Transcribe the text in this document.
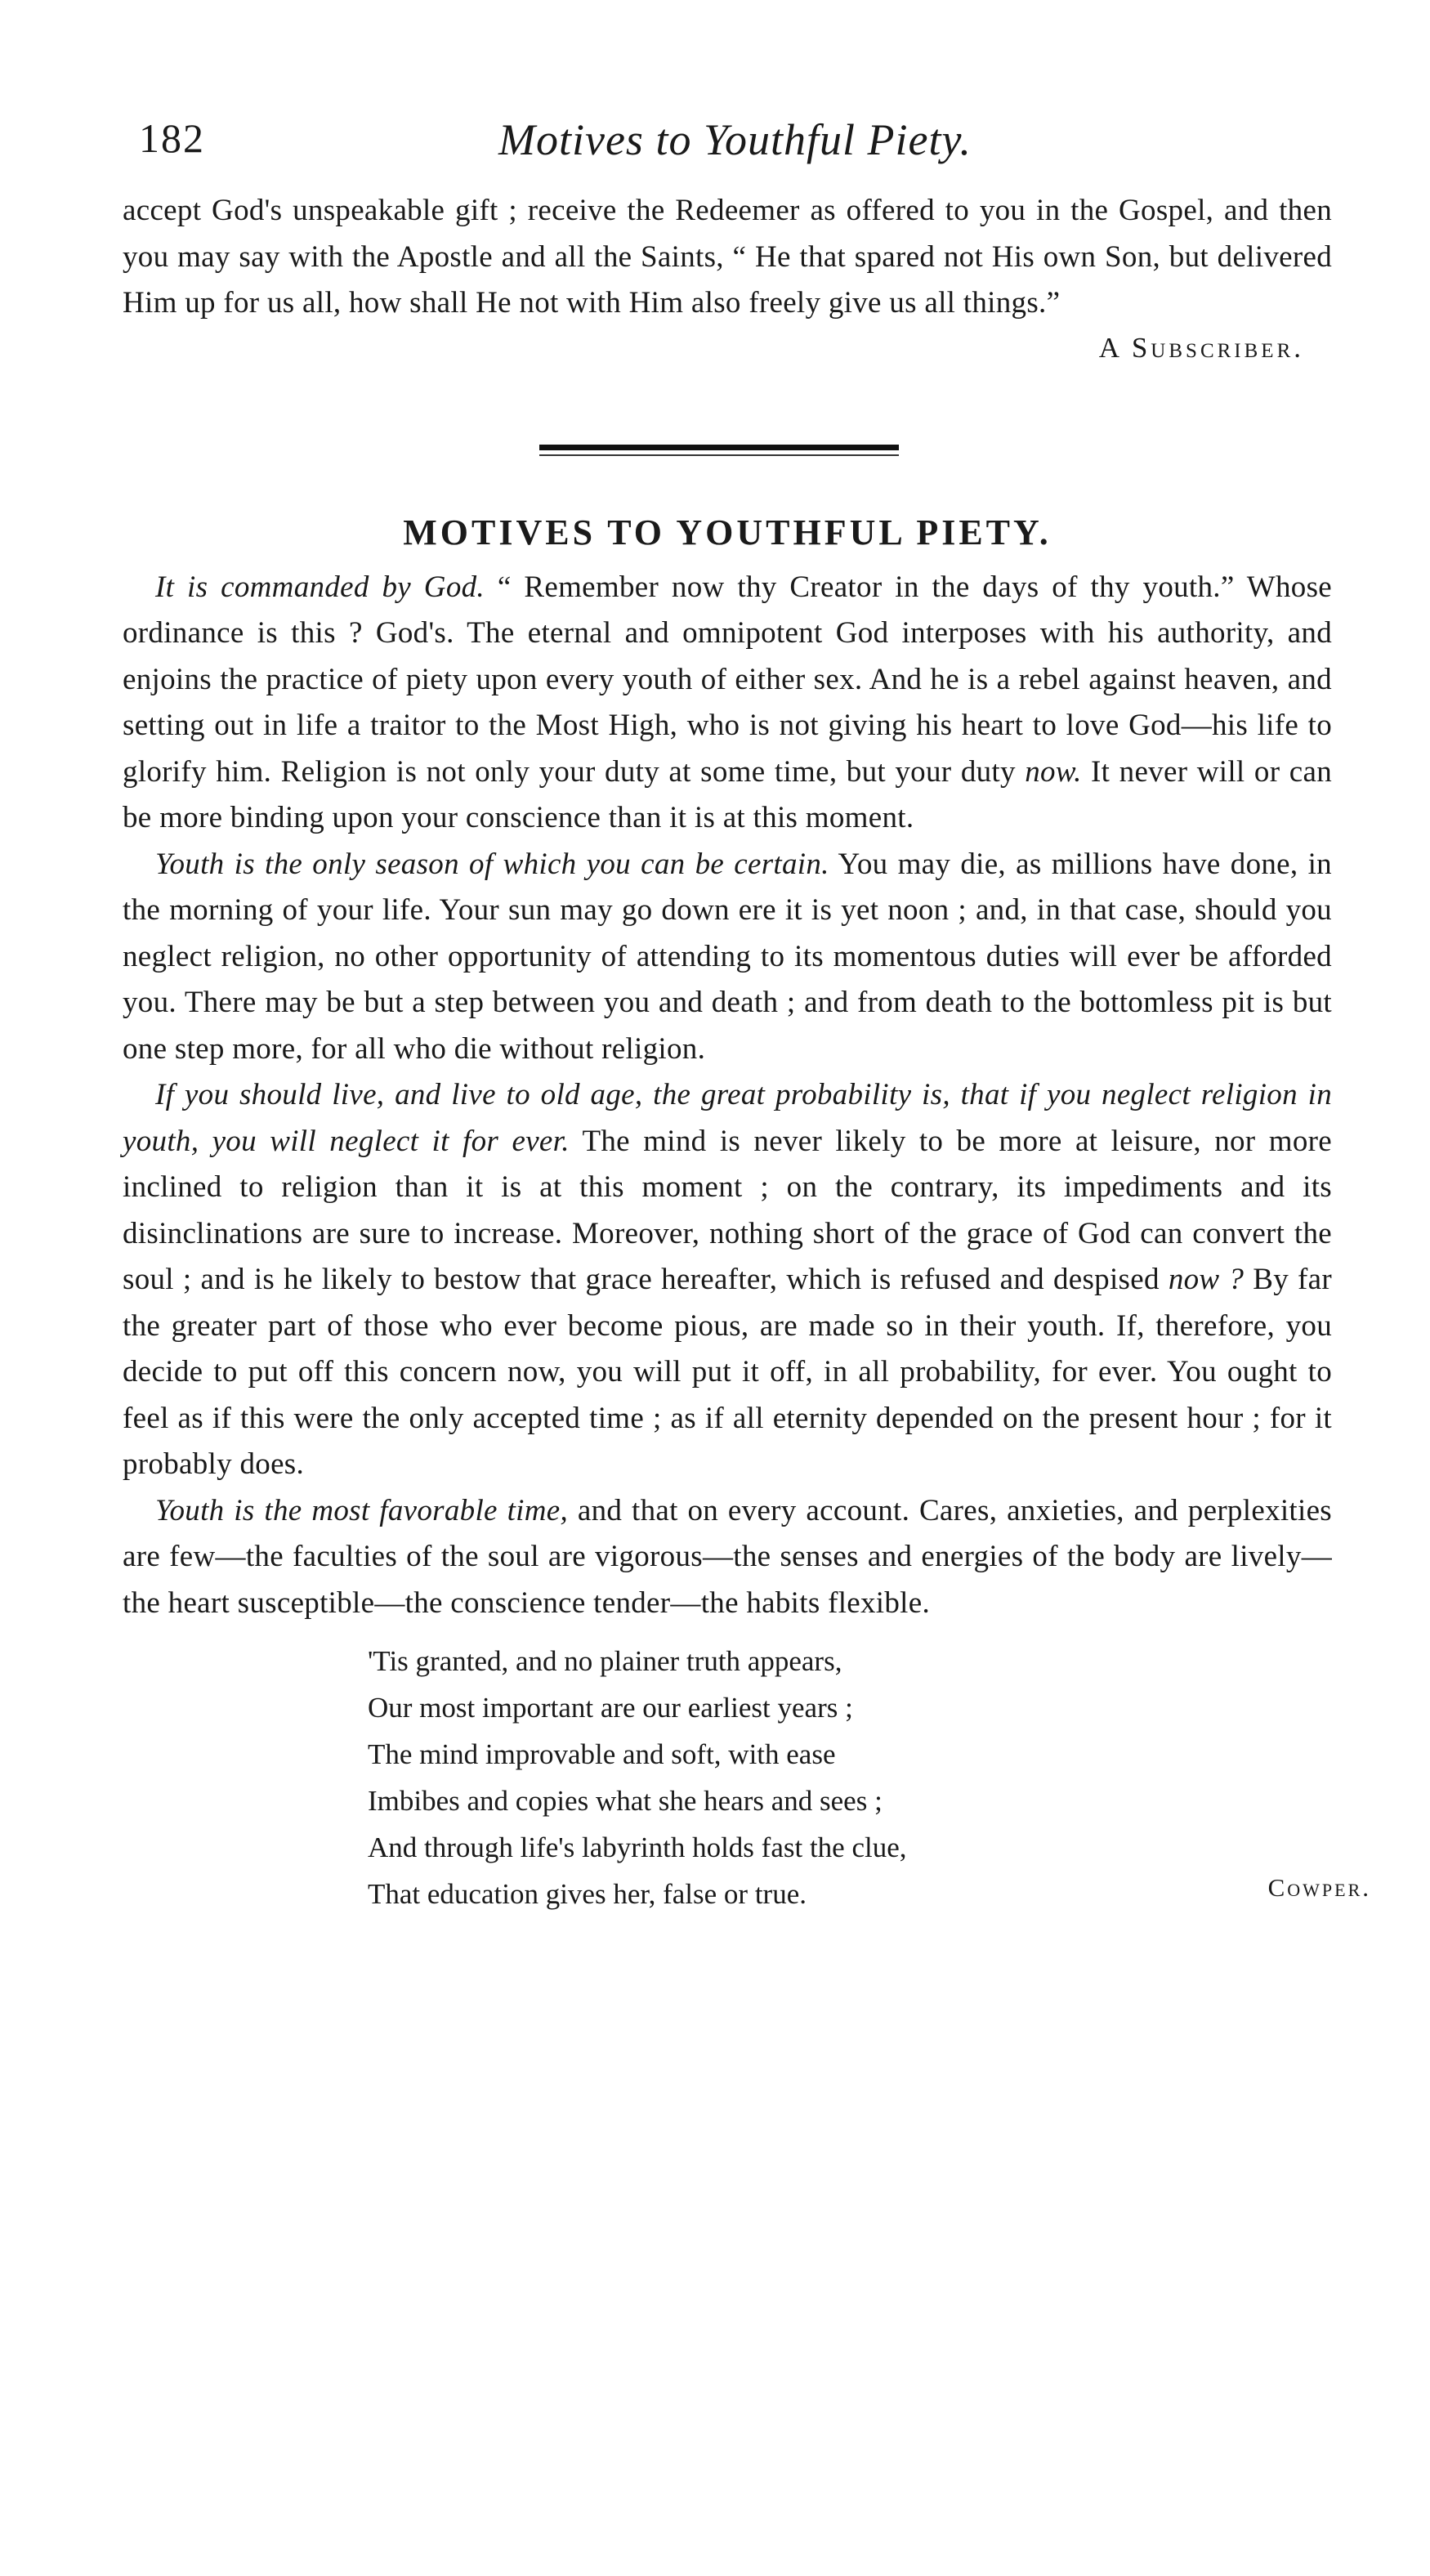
182	Motives to Youthful Piety.

accept God's unspeakable gift ; receive the Redeemer as offered to you in the Gospel, and then you may say with the Apostle and all the Saints, “ He that spared not His own Son, but delivered Him up for us all, how shall He not with Him also freely give us all things.”

A Subscriber.
MOTIVES TO YOUTHFUL PIETY.

It is commanded by God. “ Remember now thy Creator in the days of thy youth.” Whose ordinance is this ? God's. The eternal and omnipotent God interposes with his authority, and enjoins the practice of piety upon every youth of either sex. And he is a rebel against heaven, and setting out in life a traitor to the Most High, who is not giving his heart to love God—his life to glorify him. Religion is not only your duty at some time, but your duty now. It never will or can be more binding upon your conscience than it is at this moment.

Youth is the only season of which you can be certain. You may die, as millions have done, in the morning of your life. Your sun may go down ere it is yet noon ; and, in that case, should you neglect religion, no other opportunity of attending to its momentous duties will ever be afforded you. There may be but a step between you and death ; and from death to the bottomless pit is but one step more, for all who die without religion.

If you should live, and live to old age, the great probability is, that if you neglect religion in youth, you will neglect it for ever. The mind is never likely to be more at leisure, nor more inclined to religion than it is at this moment ; on the contrary, its impediments and its disinclinations are sure to increase. Moreover, nothing short of the grace of God can convert the soul ; and is he likely to bestow that grace hereafter, which is refused and despised now ? By far the greater part of those who ever become pious, are made so in their youth. If, therefore, you decide to put off this concern now, you will put it off, in all probability, for ever. You ought to feel as if this were the only accepted time ; as if all eternity depended on the present hour ; for it probably does.

Youth is the most favorable time, and that on every account. Cares, anxieties, and perplexities are few—the faculties of the soul are vigorous—the senses and energies of the body are lively—the heart susceptible—the conscience tender—the habits flexible.

'Tis granted, and no plainer truth appears,
Our most important are our earliest years ;
The mind improvable and soft, with ease
Imbibes and copies what she hears and sees ;
And through life's labyrinth holds fast the clue,
That education gives her, false or true.	Cowper.
